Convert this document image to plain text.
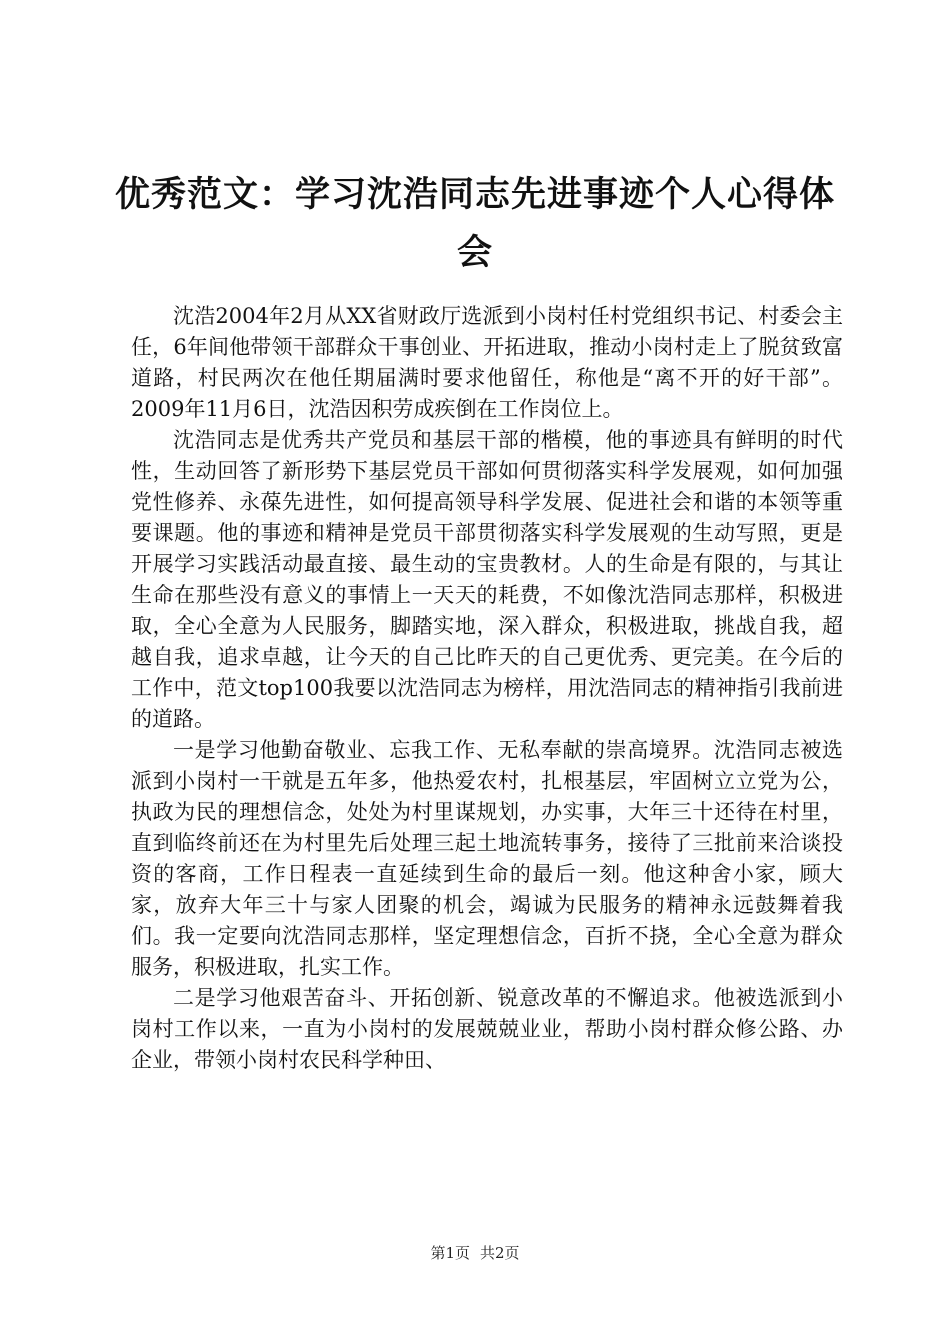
优秀范文：学习沈浩同志先进事迹个人心得体会

沈浩2004年2月从XX省财政厅选派到小岗村任村党组织书记、村委会主任，6年间他带领干部群众干事创业、开拓进取，推动小岗村走上了脱贫致富道路，村民两次在他任期届满时要求他留任，称他是“离不开的好干部”。2009年11月6日，沈浩因积劳成疾倒在工作岗位上。

沈浩同志是优秀共产党员和基层干部的楷模，他的事迹具有鲜明的时代性，生动回答了新形势下基层党员干部如何贯彻落实科学发展观，如何加强党性修养、永葆先进性，如何提高领导科学发展、促进社会和谐的本领等重要课题。他的事迹和精神是党员干部贯彻落实科学发展观的生动写照，更是开展学习实践活动最直接、最生动的宝贵教材。人的生命是有限的，与其让生命在那些没有意义的事情上一天天的耗费，不如像沈浩同志那样，积极进取，全心全意为人民服务，脚踏实地，深入群众，积极进取，挑战自我，超越自我，追求卓越，让今天的自己比昨天的自己更优秀、更完美。在今后的工作中，范文top100我要以沈浩同志为榜样，用沈浩同志的精神指引我前进的道路。

一是学习他勤奋敬业、忘我工作、无私奉献的崇高境界。沈浩同志被选派到小岗村一干就是五年多，他热爱农村，扎根基层，牢固树立立党为公，执政为民的理想信念，处处为村里谋规划，办实事，大年三十还待在村里，直到临终前还在为村里先后处理三起土地流转事务，接待了三批前来洽谈投资的客商，工作日程表一直延续到生命的最后一刻。他这种舍小家，顾大家，放弃大年三十与家人团聚的机会，竭诚为民服务的精神永远鼓舞着我们。我一定要向沈浩同志那样，坚定理想信念，百折不挠，全心全意为群众服务，积极进取，扎实工作。

二是学习他艰苦奋斗、开拓创新、锐意改革的不懈追求。他被选派到小岗村工作以来，一直为小岗村的发展兢兢业业，帮助小岗村群众修公路、办企业，带领小岗村农民科学种田、

第1页 共2页
